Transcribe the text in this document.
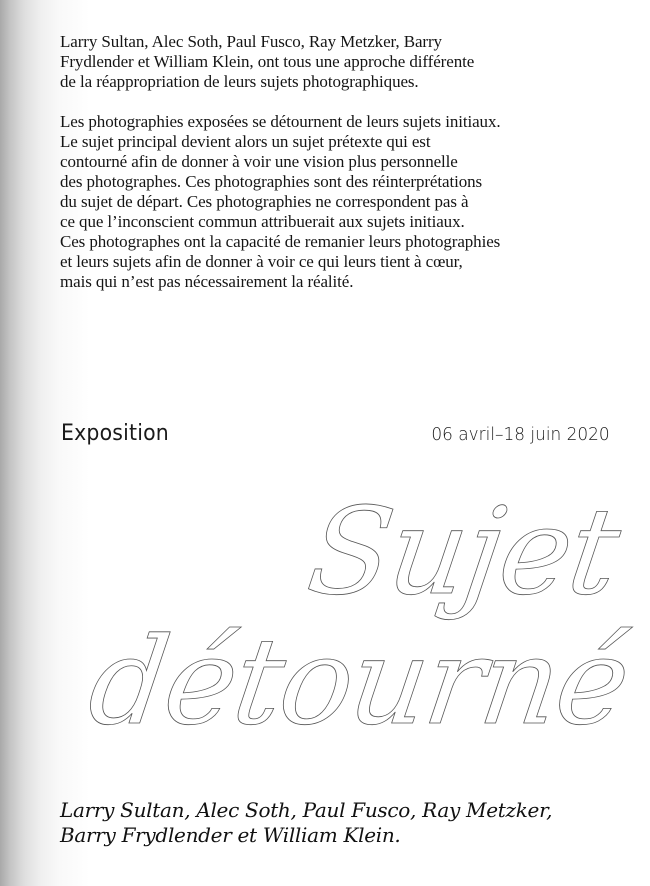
Larry Sultan, Alec Soth, Paul Fusco, Ray Metzker, Barry
Frydlender et William Klein, ont tous une approche différente
de la réappropriation de leurs sujets photographiques.

Les photographies exposées se détournent de leurs sujets initiaux.
Le sujet principal devient alors un sujet prétexte qui est
contourné afin de donner à voir une vision plus personnelle
des photographes. Ces photographies sont des réinterprétations
du sujet de départ. Ces photographies ne correspondent pas à
ce que l’inconscient commun attribuerait aux sujets initiaux.
Ces photographes ont la capacité de remanier leurs photographies
et leurs sujets afin de donner à voir ce qui leurs tient à cœur,
mais qui n’est pas nécessairement la réalité.

Exposition	06 avril–18 juin 2020
Sujet
détourné
Larry Sultan, Alec Soth, Paul Fusco, Ray Metzker,
Barry Frydlender et William Klein.
